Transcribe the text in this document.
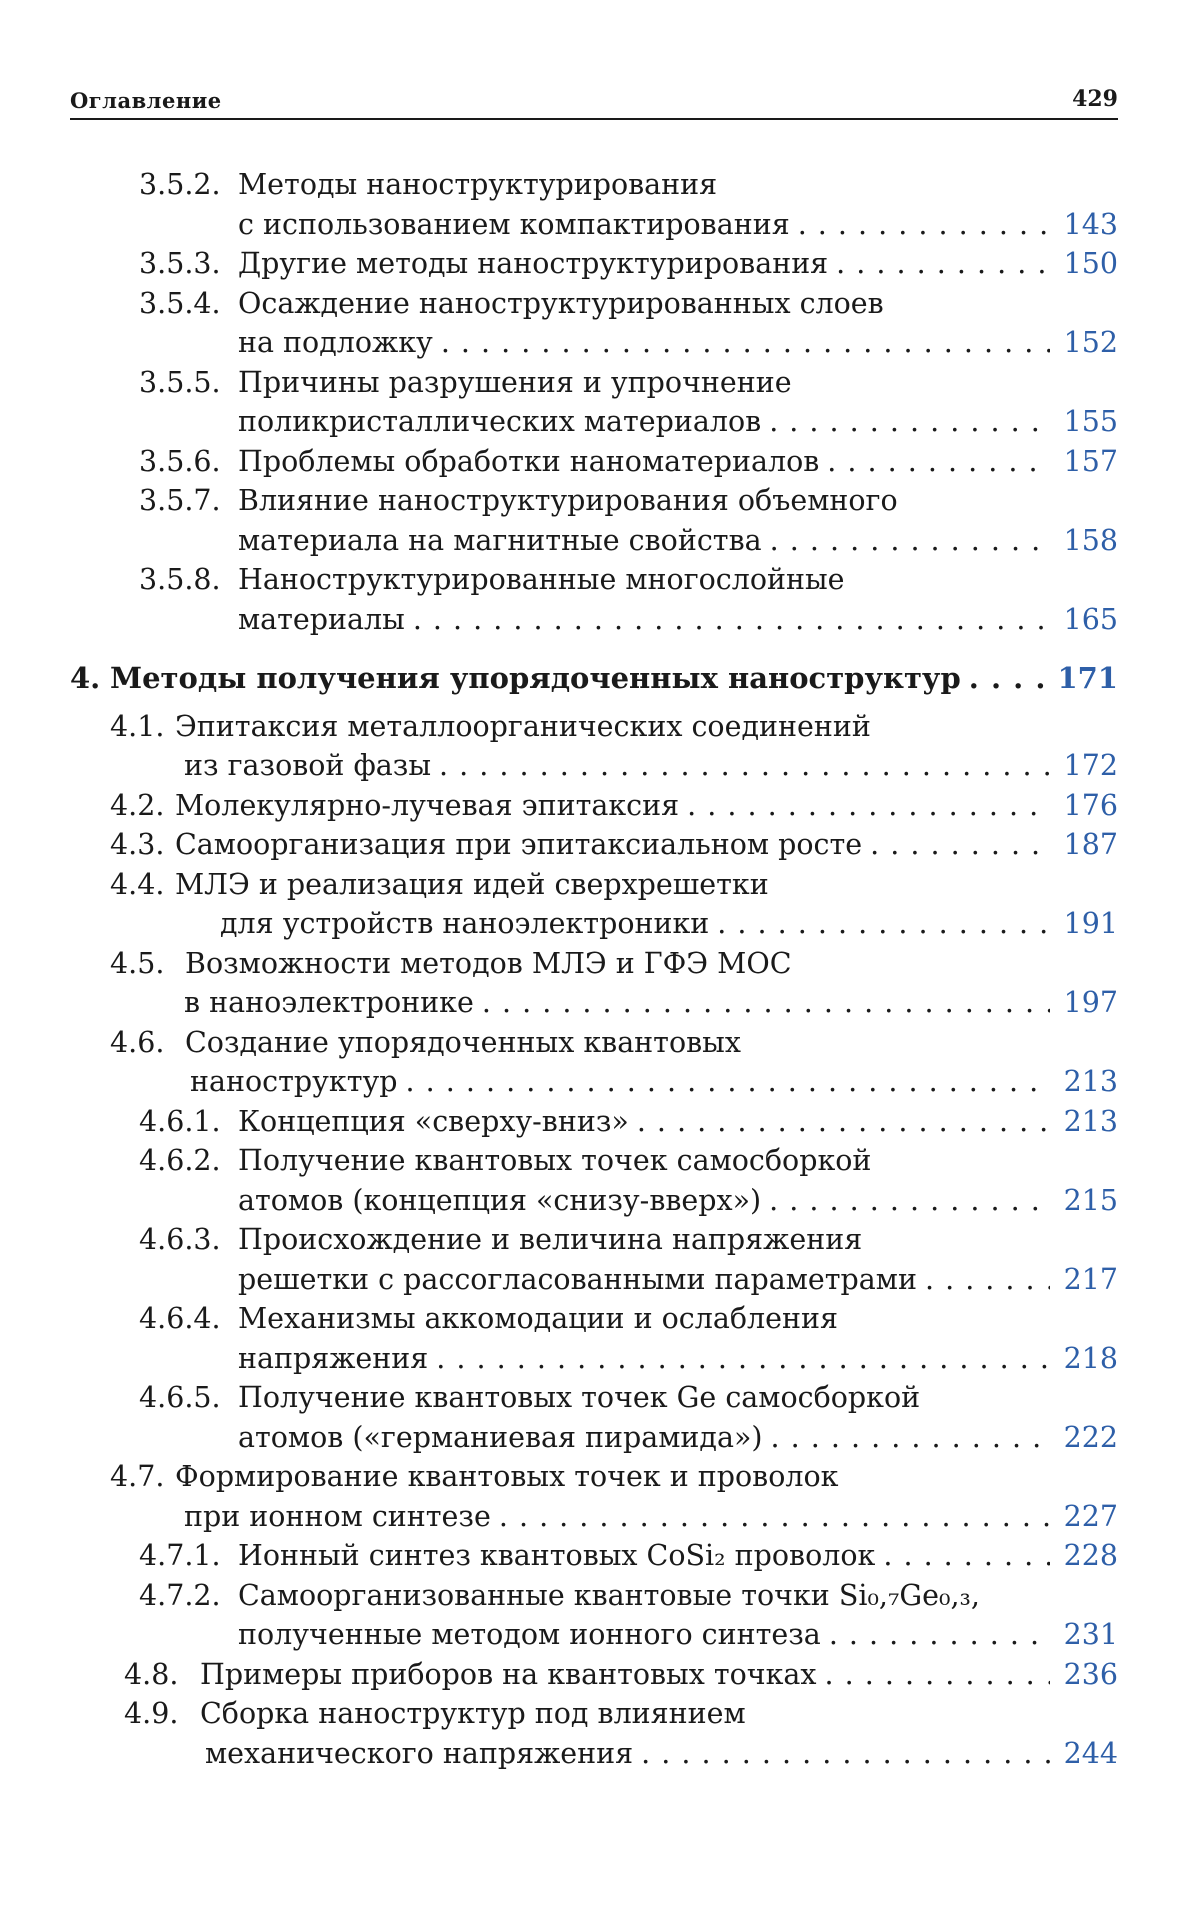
Оглавление	429
3.5.2. Методы наноструктурирования
с использованием компактирования . . .	143
3.5.3. Другие методы наноструктурирования . . .	150
3.5.4. Осаждение наноструктурированных слоев
на подложку . . .	152
3.5.5. Причины разрушения и упрочнение
поликристаллических материалов . . .	155
3.5.6. Проблемы обработки наноматериалов . . .	157
3.5.7. Влияние наноструктурирования объемного
материала на магнитные свойства . . .	158
3.5.8. Наноструктурированные многослойные
материалы . . .	165
4. Методы получения упорядоченных наноструктур . . .	171
4.1. Эпитаксия металлоорганических соединений
из газовой фазы . . .	172
4.2. Молекулярно-лучевая эпитаксия . . .	176
4.3. Самоорганизация при эпитаксиальном росте . . .	187
4.4. МЛЭ и реализация идей сверхрешетки
для устройств наноэлектроники . . .	191
4.5. Возможности методов МЛЭ и ГФЭ МОС
в наноэлектронике . . .	197
4.6. Создание упорядоченных квантовых
наноструктур . . .	213
4.6.1. Концепция «сверху-вниз» . . .	213
4.6.2. Получение квантовых точек самосборкой
атомов (концепция «снизу-вверх») . . .	215
4.6.3. Происхождение и величина напряжения
решетки с рассогласованными параметрами . . .	217
4.6.4. Механизмы аккомодации и ослабления
напряжения . . .	218
4.6.5. Получение квантовых точек Ge самосборкой
атомов («германиевая пирамида») . . .	222
4.7. Формирование квантовых точек и проволок
при ионном синтезе . . .	227
4.7.1. Ионный синтез квантовых CoSi₂ проволок . . .	228
4.7.2. Самоорганизованные квантовые точки Si₀,₇Ge₀,₃,
полученные методом ионного синтеза . . .	231
4.8. Примеры приборов на квантовых точках . . .	236
4.9. Сборка наноструктур под влиянием
механического напряжения . . .	244
